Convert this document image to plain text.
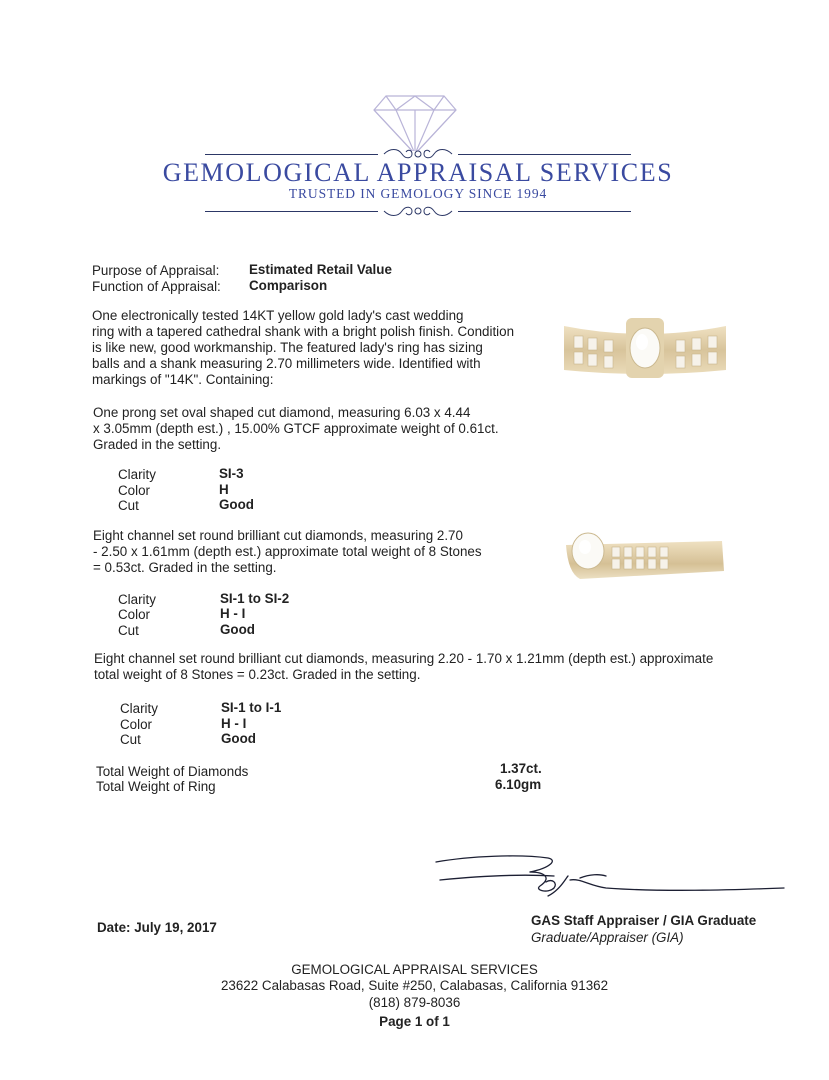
GEMOLOGICAL APPRAISAL SERVICES
TRUSTED IN GEMOLOGY SINCE 1994
Purpose of Appraisal: Estimated Retail Value
Function of Appraisal: Comparison
One electronically tested 14KT yellow gold lady's cast wedding
ring with a tapered cathedral shank with a bright polish finish. Condition
is like new, good workmanship. The featured lady's ring has sizing
balls and a shank measuring 2.70 millimeters wide. Identified with
markings of "14K". Containing:
One prong set oval shaped cut diamond, measuring 6.03 x 4.44
x 3.05mm (depth est.) , 15.00% GTCF approximate weight of 0.61ct.
Graded in the setting.
Clarity	SI-3
Color	H
Cut	Good
Eight channel set round brilliant cut diamonds, measuring 2.70
- 2.50 x 1.61mm (depth est.) approximate total weight of 8 Stones
= 0.53ct. Graded in the setting.
Clarity	SI-1 to SI-2
Color	H - I
Cut	Good
Eight channel set round brilliant cut diamonds, measuring 2.20 - 1.70 x 1.21mm (depth est.) approximate
total weight of 8 Stones = 0.23ct. Graded in the setting.
Clarity	SI-1 to I-1
Color	H - I
Cut	Good
Total Weight of Diamonds	1.37ct.
Total Weight of Ring	6.10gm
Date: July 19, 2017	GAS Staff Appraiser / GIA Graduate
Graduate/Appraiser (GIA)
GEMOLOGICAL APPRAISAL SERVICES
23622 Calabasas Road, Suite #250, Calabasas, California 91362
(818) 879-8036
Page 1 of 1
